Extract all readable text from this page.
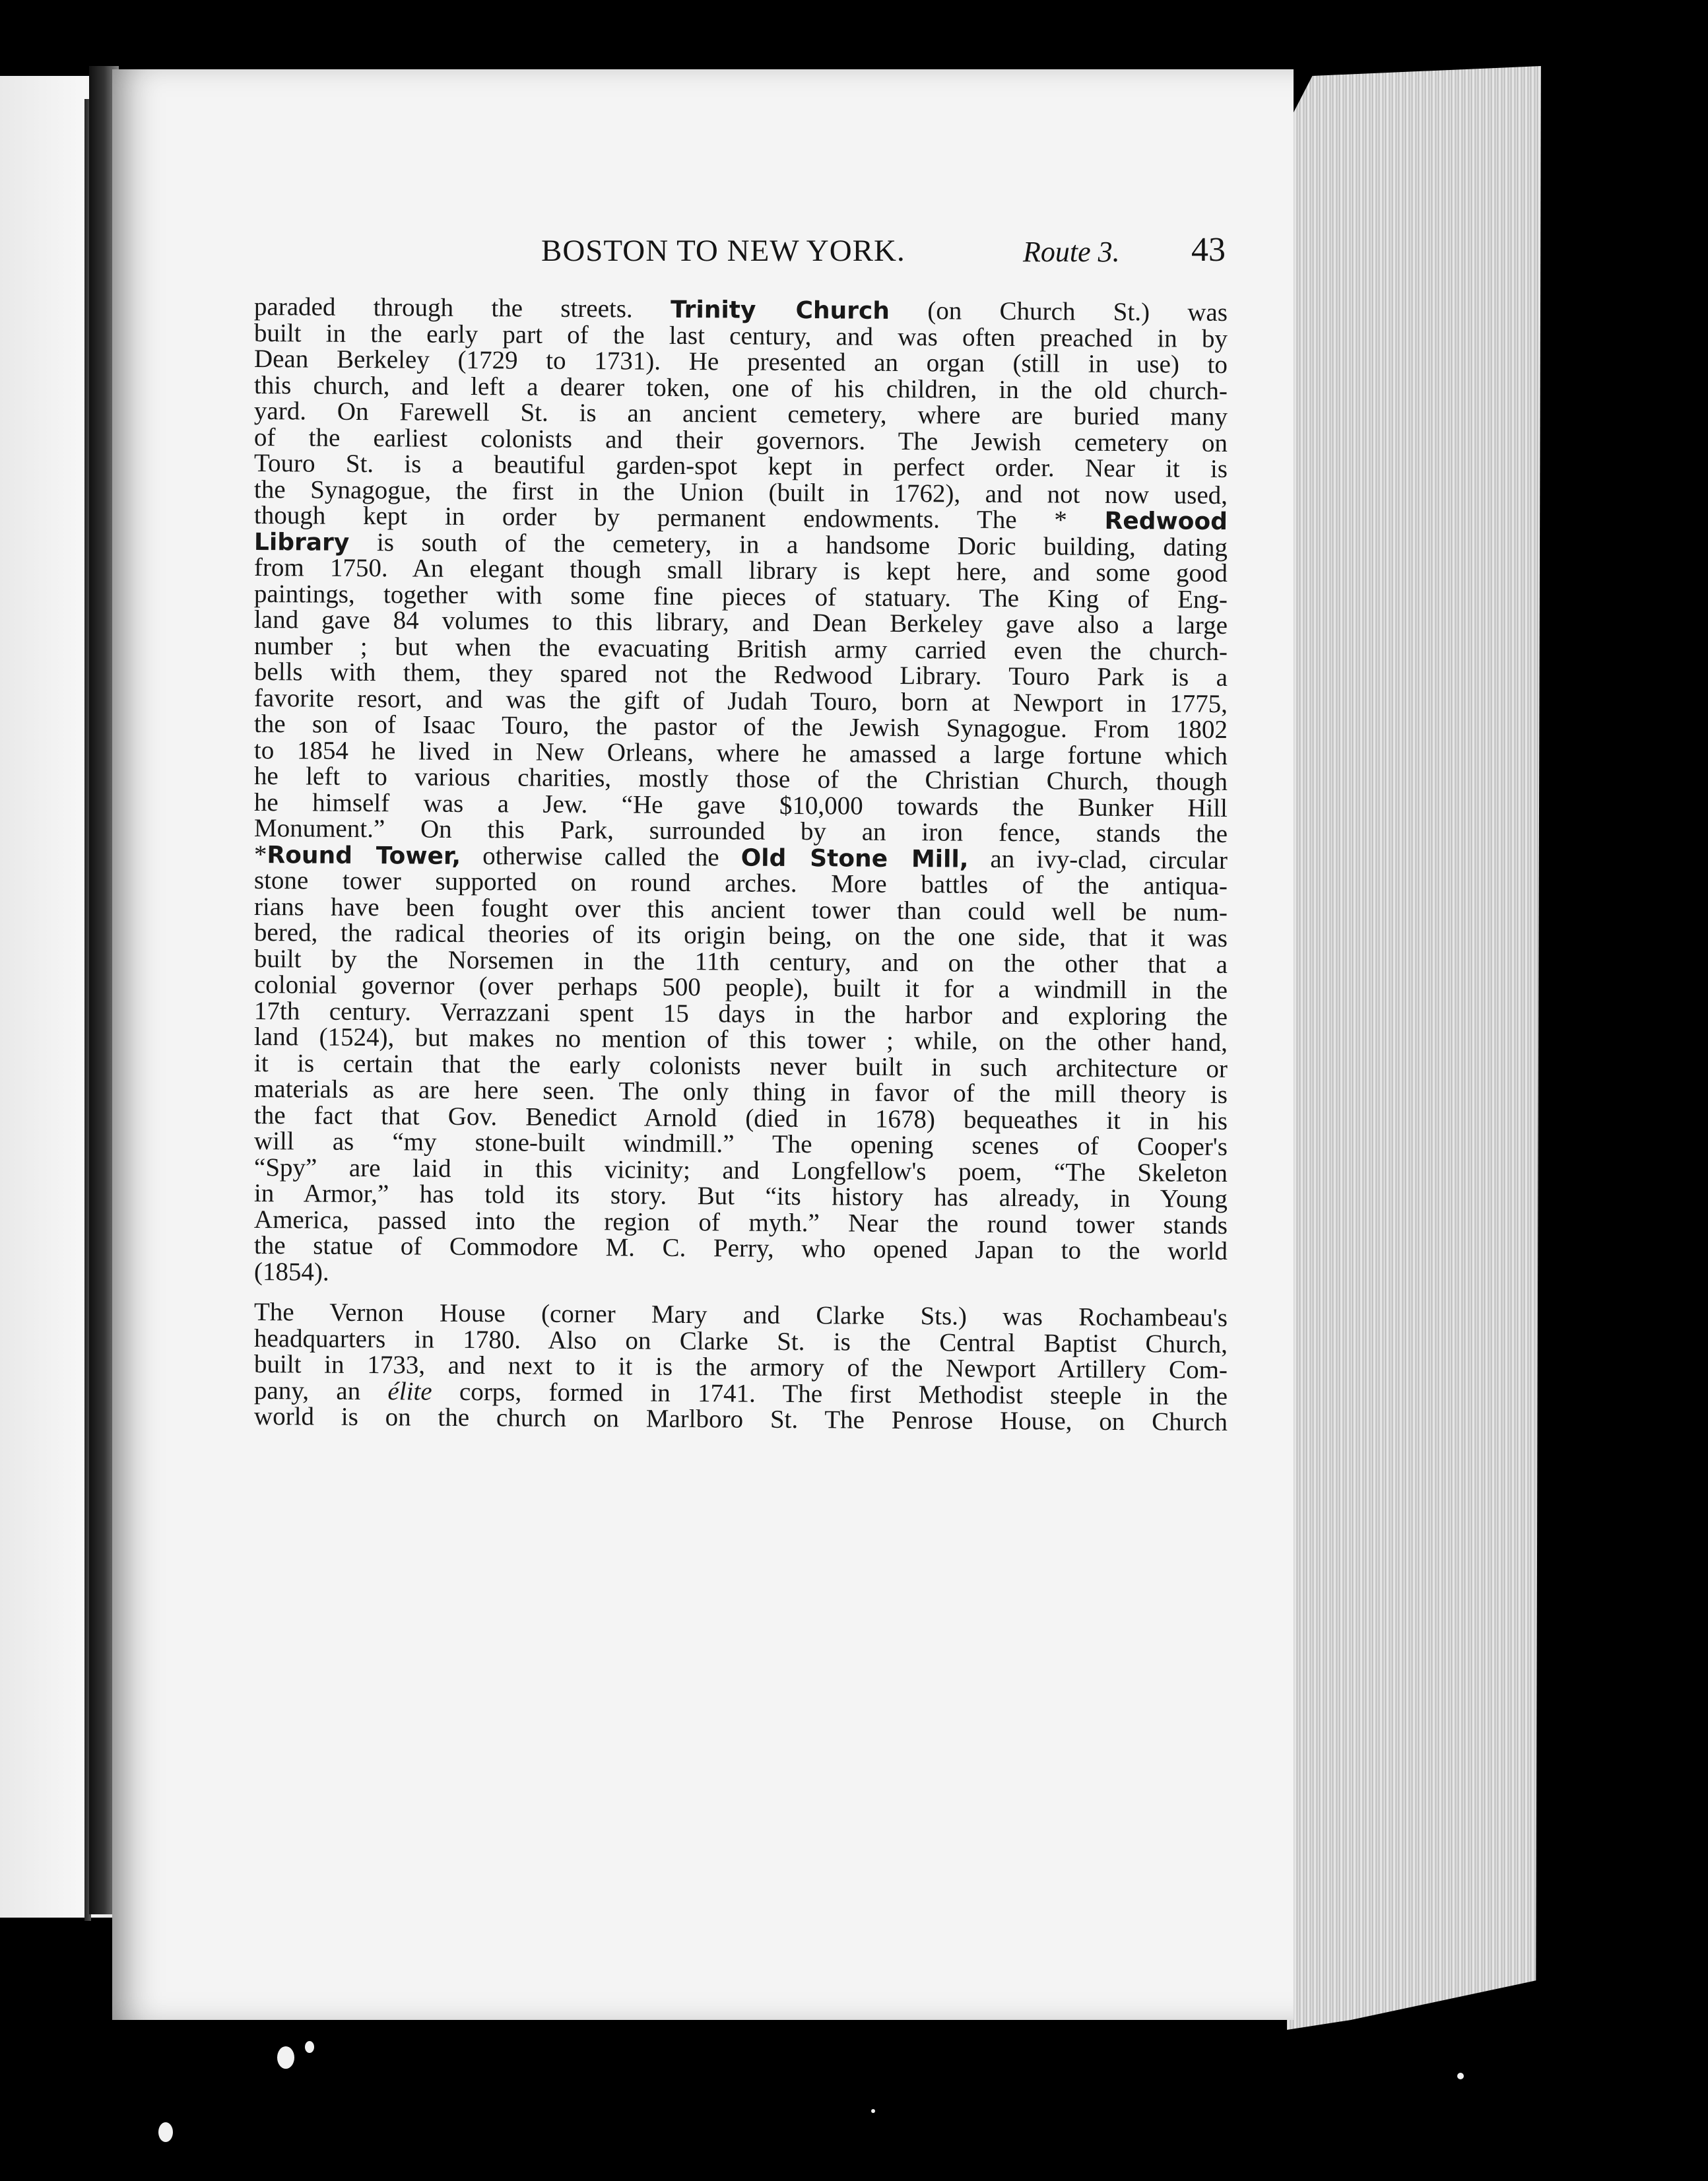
BOSTON TO NEW YORK.	Route 3. 43
paraded through the streets. Trinity Church (on Church St.) was
built in the early part of the last century, and was often preached in by
Dean Berkeley (1729 to 1731). He presented an organ (still in use) to
this church, and left a dearer token, one of his children, in the old church-
yard. On Farewell St. is an ancient cemetery, where are buried many
of the earliest colonists and their governors. The Jewish cemetery on
Touro St. is a beautiful garden-spot kept in perfect order. Near it is
the Synagogue, the first in the Union (built in 1762), and not now used,
though kept in order by permanent endowments. The * Redwood
Library is south of the cemetery, in a handsome Doric building, dating
from 1750. An elegant though small library is kept here, and some good
paintings, together with some fine pieces of statuary. The King of Eng-
land gave 84 volumes to this library, and Dean Berkeley gave also a large
number ; but when the evacuating British army carried even the church-
bells with them, they spared not the Redwood Library. Touro Park is a
favorite resort, and was the gift of Judah Touro, born at Newport in 1775,
the son of Isaac Touro, the pastor of the Jewish Synagogue. From 1802
to 1854 he lived in New Orleans, where he amassed a large fortune which
he left to various charities, mostly those of the Christian Church, though
he himself was a Jew. “He gave $10,000 towards the Bunker Hill
Monument.” On this Park, surrounded by an iron fence, stands the
*Round Tower, otherwise called the Old Stone Mill, an ivy-clad, circular
stone tower supported on round arches. More battles of the antiqua-
rians have been fought over this ancient tower than could well be num-
bered, the radical theories of its origin being, on the one side, that it was
built by the Norsemen in the 11th century, and on the other that a
colonial governor (over perhaps 500 people), built it for a windmill in the
17th century. Verrazzani spent 15 days in the harbor and exploring the
land (1524), but makes no mention of this tower ; while, on the other hand,
it is certain that the early colonists never built in such architecture or
materials as are here seen. The only thing in favor of the mill theory is
the fact that Gov. Benedict Arnold (died in 1678) bequeathes it in his
will as “my stone-built windmill.” The opening scenes of Cooper's
“Spy” are laid in this vicinity; and Longfellow's poem, “The Skeleton
in Armor,” has told its story. But “its history has already, in Young
America, passed into the region of myth.” Near the round tower stands
the statue of Commodore M. C. Perry, who opened Japan to the world
(1854).
The Vernon House (corner Mary and Clarke Sts.) was Rochambeau's
headquarters in 1780. Also on Clarke St. is the Central Baptist Church,
built in 1733, and next to it is the armory of the Newport Artillery Com-
pany, an élite corps, formed in 1741. The first Methodist steeple in the
world is on the church on Marlboro St. The Penrose House, on Church
